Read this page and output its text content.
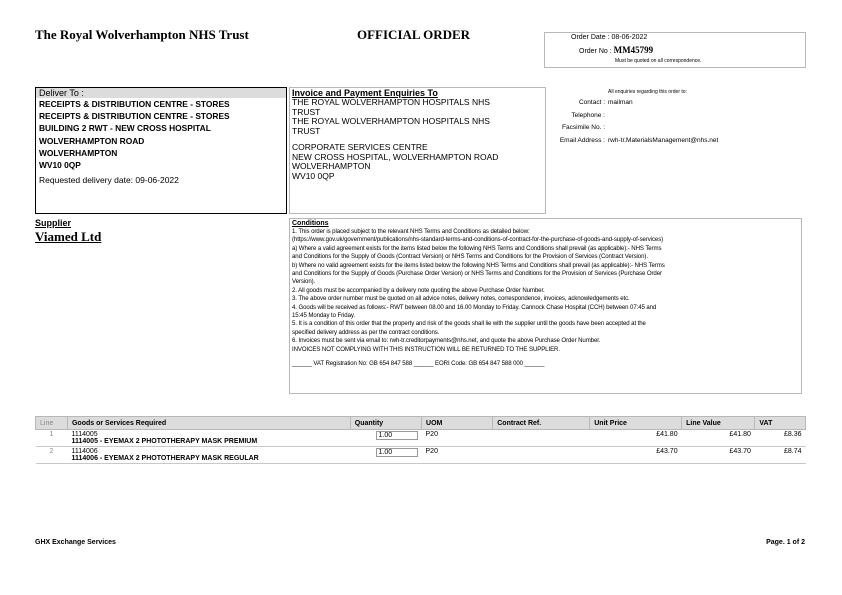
The Royal Wolverhampton NHS Trust	OFFICIAL ORDER	Order Date : 08-06-2022
Order No : MM45799
Must be quoted on all correspondence.
Deliver To :
RECEIPTS & DISTRIBUTION CENTRE - STORES
RECEIPTS & DISTRIBUTION CENTRE - STORES
BUILDING 2 RWT - NEW CROSS HOSPITAL
WOLVERHAMPTON ROAD
WOLVERHAMPTON
WV10 0QP
Requested delivery date: 09-06-2022
Invoice and Payment Enquiries To
THE ROYAL WOLVERHAMPTON HOSPITALS NHS
TRUST
THE ROYAL WOLVERHAMPTON HOSPITALS NHS
TRUST
CORPORATE SERVICES CENTRE
NEW CROSS HOSPITAL, WOLVERHAMPTON ROAD
WOLVERHAMPTON
WV10 0QP
All enquiries regarding this order to:
Contact : mailman
Telephone :
Facsimile No. :
Email Address : rwh-tr.MaterialsManagement@nhs.net
Supplier
Viamed Ltd
Conditions
1. This order is placed subject to the relevant NHS Terms and Conditions as detailed below:
(https://www.gov.uk/government/publications/nhs-standard-terms-and-conditions-of-contract-for-the-purchase-of-goods-and-supply-of-services)
a) Where a valid agreement exists for the items listed below the following NHS Terms and Conditions shall prevail (as applicable):- NHS Terms
and Conditions for the Supply of Goods (Contract Version) or NHS Terms and Conditions for the Provision of Services (Contract Version).
b) Where no valid agreement exists for the items listed below the following NHS Terms and Conditions shall prevail (as applicable):- NHS Terms
and Conditions for the Supply of Goods (Purchase Order Version) or NHS Terms and Conditions for the Provision of Services (Purchase Order
Version).
2. All goods must be accompanied by a delivery note quoting the above Purchase Order Number.
3. The above order number must be quoted on all advice notes, delivery notes, correspondence, invoices, acknowledgements etc.
4. Goods will be received as follows:- RWT between 08.00 and 16.00 Monday to Friday. Cannock Chase Hospital (CCH) between 07:45 and
15:45 Monday to Friday.
5. It is a condition of this order that the property and risk of the goods shall lie with the supplier until the goods have been accepted at the
specified delivery address as per the contract conditions.
6. Invoices must be sent via email to: rwh-tr.creditorpayments@nhs.net, and quote the above Purchase Order Number.
INVOICES NOT COMPLYING WITH THIS INSTRUCTION WILL BE RETURNED TO THE SUPPLIER.
______ VAT Registration No: GB 654 847 588 ______ EORI Code: GB 654 847 588 000 ______
Line	Goods or Services Required	Quantity	UOM	Contract Ref.	Unit Price	Line Value	VAT
1	1114005
1114005 - EYEMAX 2 PHOTOTHERAPY MASK PREMIUM	1.00	P20		£41.80	£41.80	£8.36
2	1114006
1114006 - EYEMAX 2 PHOTOTHERAPY MASK REGULAR	1.00	P20		£43.70	£43.70	£8.74
GHX Exchange Services	Page. 1 of 2
